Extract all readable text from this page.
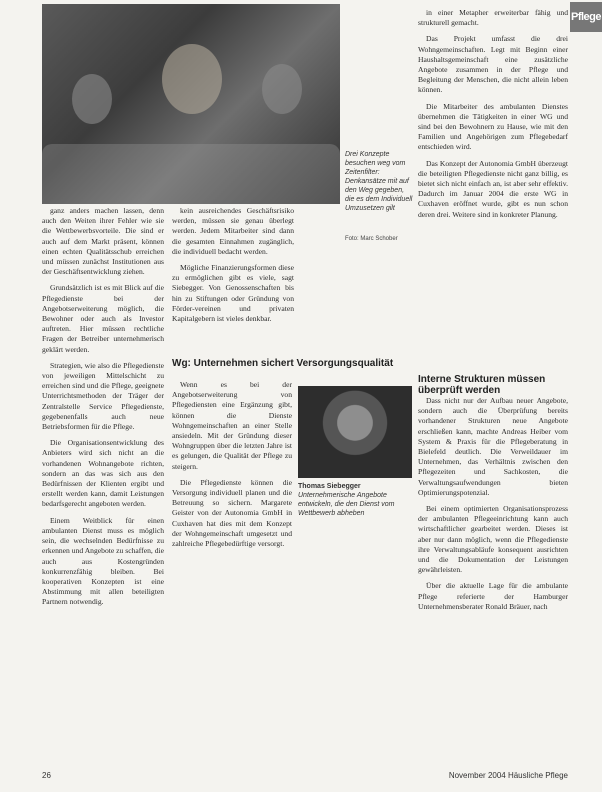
Pflege
Drei Konzepte besuchen weg vom Zeitenfilter: Denkansätze mit auf den Weg gegeben, die es dem Individuell Umzusetzen gilt
Foto: Marc Schober

ganz anders machen lassen, denn auch den Weiten ihrer Fehler wie sie die Wettbewerbsvorteile. Die sind er auch auf dem Markt präsent, können einen echten Qualitätsschub erreichen und müssen zunächst Institutionen aus der Geschäftsentwicklung ziehen.

Grundsätzlich ist es mit Blick auf die Pflegedienste bei der Angebotserweiterung möglich, die Bewohner oder auch als Investor auftreten. Hier müssen rechtliche Fragen der Betreiber unternehmerisch geklärt werden.

Strategien, wie also die Pflegedienste von jeweiligen Mittelschicht zu erreichen sind und die Pflege, geeignete Unterrichtsmethoden der Träger der Zentralstelle Service Pflegedienste, gegebenenfalls auch neue Betriebsformen für die Pflege.

Die Organisationsentwicklung des Anbieters wird sich nicht an die vorhandenen Wohnangebote richten, sondern an das was sich aus den Bedürfnissen der Klienten ergibt und erstellt werden kann, damit Leistungen bedarfsgerecht angeboten werden.

Einem Weitblick für einen ambulanten Dienst muss es möglich sein, die wechselnden Bedürfnisse zu erkennen und Angebote zu schaffen, die auch aus Kostengründen konkurrenzfähig bleiben. Bei kooperativen Konzepten ist eine Abstimmung mit allen beteiligten Partnern notwendig.

kein ausreichendes Geschäftsrisiko werden, müssen sie genau überlegt werden. Jedem Mitarbeiter sind dann die gesamten Einnahmen zugänglich, die individuell bedacht werden.

Mögliche Finanzierungsformen diese zu ermöglichen gibt es viele, sagt Siebegger. Von Genossenschaften bis hin zu Stiftungen oder Gründung von Förder-vereinen und privaten Kapitalgebern ist vieles denkbar.

Wg: Unternehmen sichert Versorgungsqualität

Wenn es bei der Angebotserweiterung von Pflegediensten eine Ergänzung gibt, können die Dienste Wohngemeinschaften an einer Stelle ansiedeln. Mit der Gründung dieser Wohngruppen über die letzten Jahre ist es gelungen, die Qualität der Pflege zu steigern.

Die Pflegedienste können die Versorgung individuell planen und die Betreuung so sichern. Margarete Geister von der Autonomia GmbH in Cuxhaven hat dies mit dem Konzept der Wohngemeinschaft umgesetzt und zahlreiche Pflegebedürftige versorgt.

Thomas Siebegger
Unternehmerische Angebote entwickeln, die den Dienst vom Wettbewerb abheben

in einer Metapher erweiterbar fähig und strukturell gemacht.

Das Projekt umfasst die drei Wohngemeinschaften. Legt mit Beginn einer Haushaltsgemeinschaft eine zusätzliche Angebote zusammen in der Pflege und Begleitung der Menschen, die nicht allein leben können.

Die Mitarbeiter des ambulanten Dienstes übernehmen die Tätigkeiten in einer WG und sind bei den Bewohnern zu Hause, wie mit den Familien und Angehörigen zum Pflegebedarf entschieden wird.

Das Konzept der Autonomia GmbH überzeugt die beteiligten Pflegedienste nicht ganz billig, es bietet sich nicht einfach an, ist aber sehr effektiv. Dadurch im Januar 2004 die erste WG in Cuxhaven eröffnet wurde, gibt es nun schon deren drei. Weitere sind in konkreter Planung.

Interne Strukturen müssen überprüft werden

Dass nicht nur der Aufbau neuer Angebote, sondern auch die Überprüfung bereits vorhandener Strukturen neue Angebote erschließen kann, machte Andreas Heiber vom System & Praxis für die Pflegeberatung in Bielefeld deutlich. Die Verweildauer im Unternehmen, das Verhältnis zwischen den Pflegezeiten und Sachkosten, die Verwaltungsaufwendungen bieten Optimierungspotenzial.

Bei einem optimierten Organisationsprozess der ambulanten Pflegeeinrichtung kann auch wirtschaftlicher gearbeitet werden. Dieses ist aber nur dann möglich, wenn die Pflegedienste ihre Verwaltungsabläufe konsequent ausrichten und die Dokumentation der Leistungen gewährleisten.

Über die aktuelle Lage für die ambulante Pflege referierte der Hamburger Unternehmensberater Ronald Bräuer, nach

26	November 2004 Häusliche Pflege
